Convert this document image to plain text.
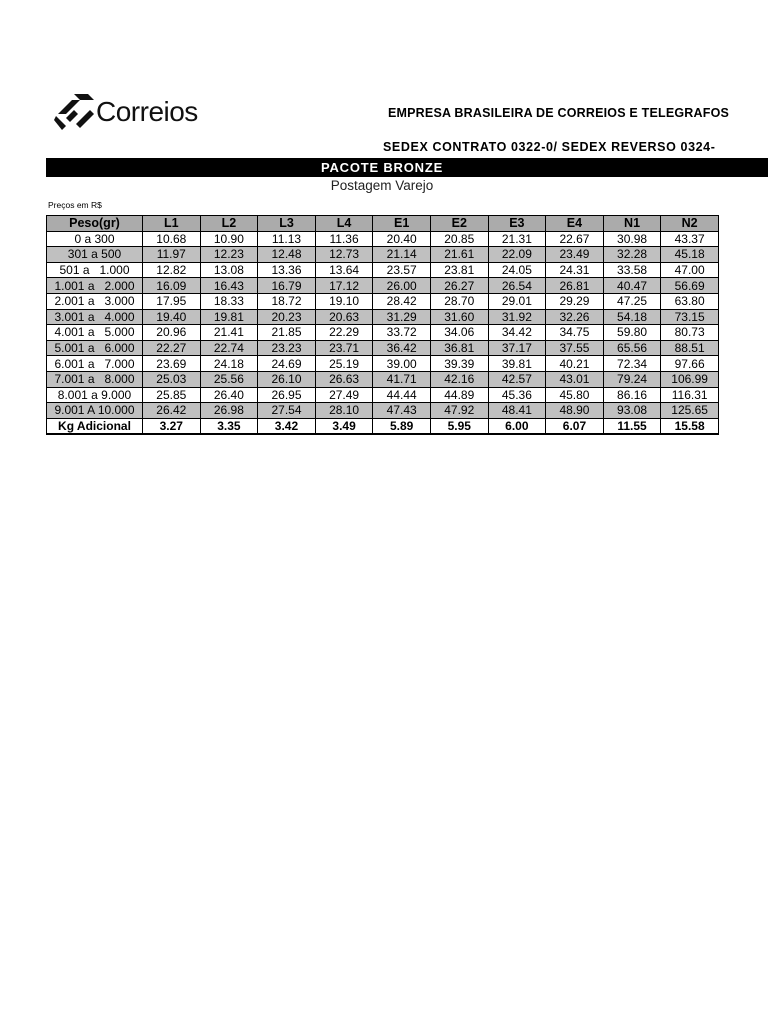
Correios	EMPRESA BRASILEIRA DE CORREIOS E TELEGRAFOS
SEDEX CONTRATO 0322-0/ SEDEX REVERSO 0324-
PACOTE BRONZE
Postagem Varejo
Preços em R$
Peso(gr)	L1	L2	L3	L4	E1	E2	E3	E4	N1	N2
0 a 300	10.68	10.90	11.13	11.36	20.40	20.85	21.31	22.67	30.98	43.37
301 a 500	11.97	12.23	12.48	12.73	21.14	21.61	22.09	23.49	32.28	45.18
501 a   1.000	12.82	13.08	13.36	13.64	23.57	23.81	24.05	24.31	33.58	47.00
1.001 a   2.000	16.09	16.43	16.79	17.12	26.00	26.27	26.54	26.81	40.47	56.69
2.001 a   3.000	17.95	18.33	18.72	19.10	28.42	28.70	29.01	29.29	47.25	63.80
3.001 a   4.000	19.40	19.81	20.23	20.63	31.29	31.60	31.92	32.26	54.18	73.15
4.001 a   5.000	20.96	21.41	21.85	22.29	33.72	34.06	34.42	34.75	59.80	80.73
5.001 a   6.000	22.27	22.74	23.23	23.71	36.42	36.81	37.17	37.55	65.56	88.51
6.001 a   7.000	23.69	24.18	24.69	25.19	39.00	39.39	39.81	40.21	72.34	97.66
7.001 a   8.000	25.03	25.56	26.10	26.63	41.71	42.16	42.57	43.01	79.24	106.99
8.001 a 9.000	25.85	26.40	26.95	27.49	44.44	44.89	45.36	45.80	86.16	116.31
9.001 A 10.000	26.42	26.98	27.54	28.10	47.43	47.92	48.41	48.90	93.08	125.65
Kg Adicional	3.27	3.35	3.42	3.49	5.89	5.95	6.00	6.07	11.55	15.58
